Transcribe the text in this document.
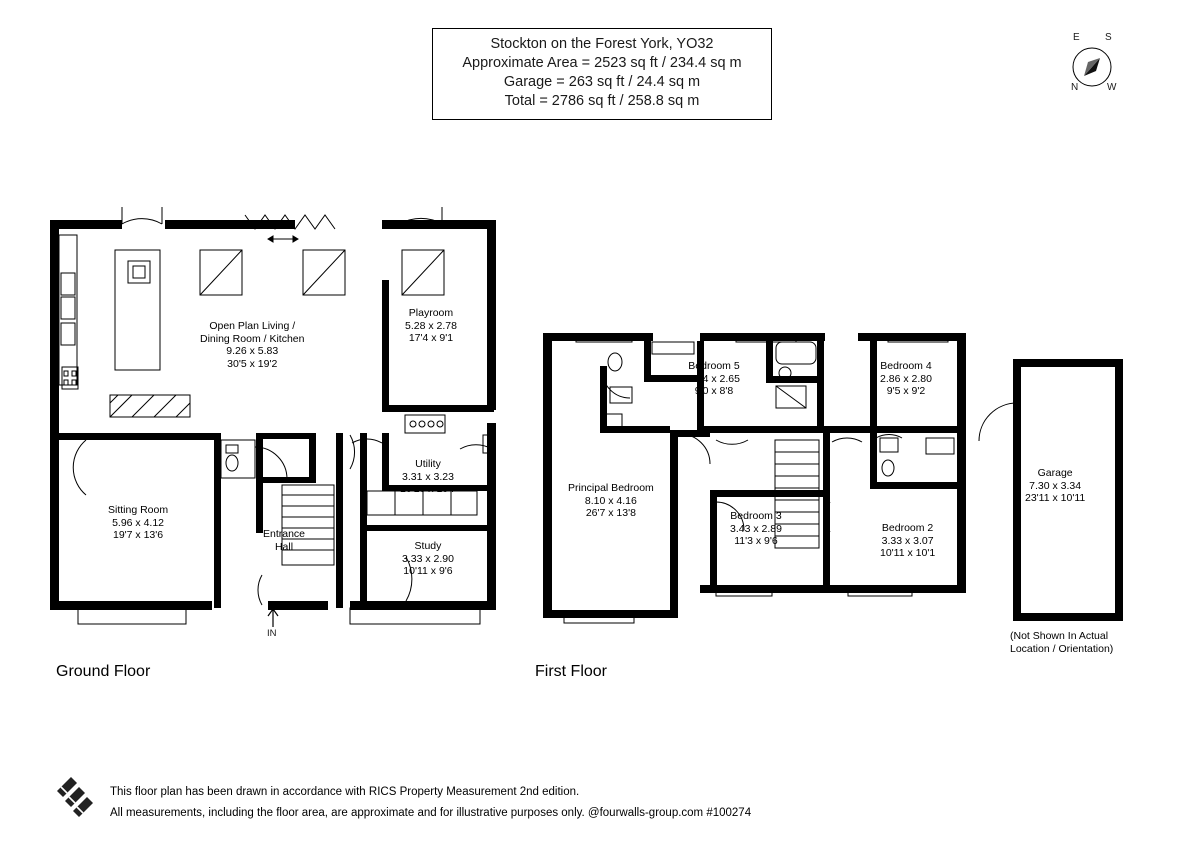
Stockton on the Forest York, YO32
Approximate Area = 2523 sq ft / 234.4 sq m
Garage = 263 sq ft / 24.4 sq m
Total = 2786 sq ft / 258.8 sq m
S
E
N	W
Open Plan Living /
Dining Room / Kitchen
9.26 x 5.83
30'5 x 19'2
Playroom
5.28 x 2.78
17'4 x 9'1
Sitting Room
5.96 x 4.12
19'7 x 13'6	Entrance
Hall
Utility
3.31 x 3.23
10'10 x 10'7
Study
3.33 x 2.90
10'11 x 9'6
IN
Ground Floor
Bedroom 5
2.74 x 2.65
9'0 x 8'8
Bedroom 4
2.86 x 2.80
9'5 x 9'2
Principal Bedroom
8.10 x 4.16
26'7 x 13'8	Bedroom 3
3.43 x 2.89
11'3 x 9'6
Bedroom 2
3.33 x 3.07
10'11 x 10'1
First Floor
Garage
7.30 x 3.34
23'11 x 10'11
(Not Shown In Actual
Location / Orientation)
This floor plan has been drawn in accordance with RICS Property Measurement 2nd edition.
All measurements, including the floor area, are approximate and for illustrative purposes only. @fourwalls-group.com #100274
